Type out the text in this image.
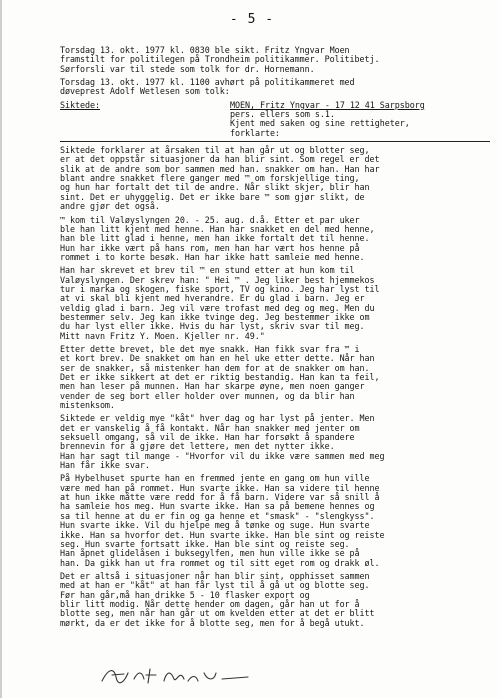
- 5 -
Torsdag 13. okt. 1977 kl. 0830 ble sikt. Fritz Yngvar Moen
framstilt for politilegen på Trondheim politikammer. Politibetj.
Sørforsli var til stede som tolk for dr. Hornemann.
Torsdag 13. okt. 1977 kl. 1100 avhørt på politikammeret med
døveprest Adolf Wetlesen som tolk:
Siktede:	MOEN, Fritz Yngvar - 17 12 41 Sarpsborg
pers. ellers som s.1.
Kjent med saken og sine rettigheter,
forklarte:
Siktede forklarer at årsaken til at han går ut og blotter seg,
er at det oppstår situasjoner da han blir sint. Som regel er det
slik at de andre som bor sammen med han. snakker om han. Han har
blant andre snakket flere ganger med ™ om forskjellige ting,
og hun har fortalt det til de andre. Når slikt skjer, blir han
sint. Det er uhyggelig. Det er ikke bare ™ som gjør slikt, de
andre gjør det også.
™ kom til Valøyslyngen 20. - 25. aug. d.å. Etter et par uker
ble han litt kjent med henne. Han har snakket en del med henne,
han ble litt glad i henne, men han ikke fortalt det til henne.
Hun har ikke vært på hans rom, men han har vært hos henne på
rommet i to korte besøk. Han har ikke hatt samleie med henne.
Han har skrevet et brev til ™ en stund etter at hun kom til
Valøyslyngen. Der skrev han: " Hei ™ . Jeg liker best hjemmekos
tur i marka og skogen, fiske sport, TV og kino. Jeg har lyst til
at vi skal bli kjent med hverandre. Er du glad i barn. Jeg er
veldig glad i barn. Jeg vil være trofast med deg og meg. Men du
bestemmer selv. Jeg kan ikke tvinge deg. Jeg bestemmer ikke om
du har lyst eller ikke. Hvis du har lyst, skriv svar til meg.
Mitt navn Fritz Y. Moen. Kjeller nr. 49."
Etter dette brevet, ble det mye snakk. Han fikk svar fra ™ i
et kort brev. De snakket om han en hel uke etter dette. Når han
ser de snakker, så mistenker han dem for at de snakker om han.
Det er ikke sikkert at det er riktig bestandig. Han kan ta feil,
men han leser på munnen. Han har skarpe øyne, men noen ganger
vender de seg bort eller holder over munnen, og da blir han
mistenksom.
Siktede er veldig mye "kåt" hver dag og har lyst på jenter. Men
det er vanskelig å få kontakt. Når han snakker med jenter om
seksuell omgang, så vil de ikke. Han har forsøkt å spandere
brennevin for å gjøre det lettere, men det nytter ikke.
Han har sagt til mange - "Hvorfor vil du ikke være sammen med meg
Han får ikke svar.
På Hybelhuset spurte han en fremmed jente en gang om hun ville
være med han på rommet. Hun svarte ikke. Han sa videre til henne
at hun ikke måtte være redd for å få barn. Videre var så snill å
ha samleie hos meg. Hun svarte ikke. Han sa på bemene hennes og
sa til henne at du er fin og ga henne et "smask" - "slengkyss".
Hun svarte ikke. Vil du hjelpe meg å tønke og suge. Hun svarte
ikke. Han sa hvorfor det. Hun svarte ikke. Han ble sint og reiste
seg. Hun svarte fortsatt ikke. Han ble sint og reiste seg.
Han åpnet glidelåsen i buksegylfen, men hun ville ikke se på
han. Da gikk han ut fra rommet og til sitt eget rom og drakk øl.
Det er altså i situasjoner når han blir sint, opphisset sammen
med at han er "kåt" at han får lyst til å gå ut og blotte seg.
Før han går,må han drikke 5 - 10 flasker export og
blir litt modig. Når dette hender om dagen, går han ut for å
blotte seg, men når han går ut om kvelden etter at det er blitt
mørkt, da er det ikke for å blotte seg, men for å begå utukt.
